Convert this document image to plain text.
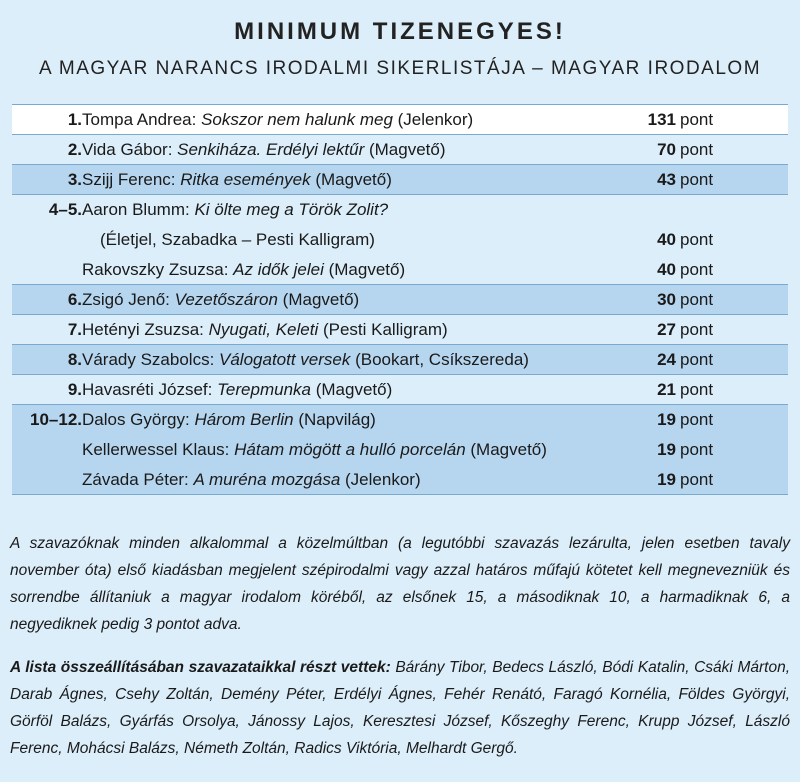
MINIMUM TIZENEGYES!
A MAGYAR NARANCS IRODALMI SIKERLISTÁJA – MAGYAR IRODALOM
1. Tompa Andrea: Sokszor nem halunk meg (Jelenkor)	131 pont
2. Vida Gábor: Senkiháza. Erdélyi lektűr (Magvető)	70 pont
3. Szijj Ferenc: Ritka események (Magvető)	43 pont
4–5. Aaron Blumm: Ki ölte meg a Török Zolit?
(Életjel, Szabadka – Pesti Kalligram)	40 pont
Rakovszky Zsuzsa: Az idők jelei (Magvető)	40 pont
6. Zsigó Jenő: Vezetőszáron (Magvető)	30 pont
7. Hetényi Zsuzsa: Nyugati, Keleti (Pesti Kalligram)	27 pont
8. Várady Szabolcs: Válogatott versek (Bookart, Csíkszereda)	24 pont
9. Havasréti József: Terepmunka (Magvető)	21 pont
10–12. Dalos György: Három Berlin (Napvilág)	19 pont
Kellerwessel Klaus: Hátam mögött a hulló porcelán (Magvető)	19 pont
Závada Péter: A muréna mozgása (Jelenkor)	19 pont

A szavazóknak minden alkalommal a közelmúltban (a legutóbbi szavazás lezárulta, jelen esetben tavaly november óta) első kiadásban megjelent szépirodalmi vagy azzal határos műfajú kötetet kell megnevezniük és sorrendbe állítaniuk a magyar irodalom köréből, az elsőnek 15, a másodiknak 10, a harmadiknak 6, a negyediknek pedig 3 pontot adva.

A lista összeállításában szavazataikkal részt vettek: Bárány Tibor, Bedecs László, Bódi Katalin, Csáki Márton, Darab Ágnes, Csehy Zoltán, Demény Péter, Erdélyi Ágnes, Fehér Renátó, Faragó Kornélia, Földes Györgyi, Görföl Balázs, Gyárfás Orsolya, Jánossy Lajos, Keresztesi József, Kőszeghy Ferenc, Krupp József, László Ferenc, Mohácsi Balázs, Németh Zoltán, Radics Viktória, Melhardt Gergő.
